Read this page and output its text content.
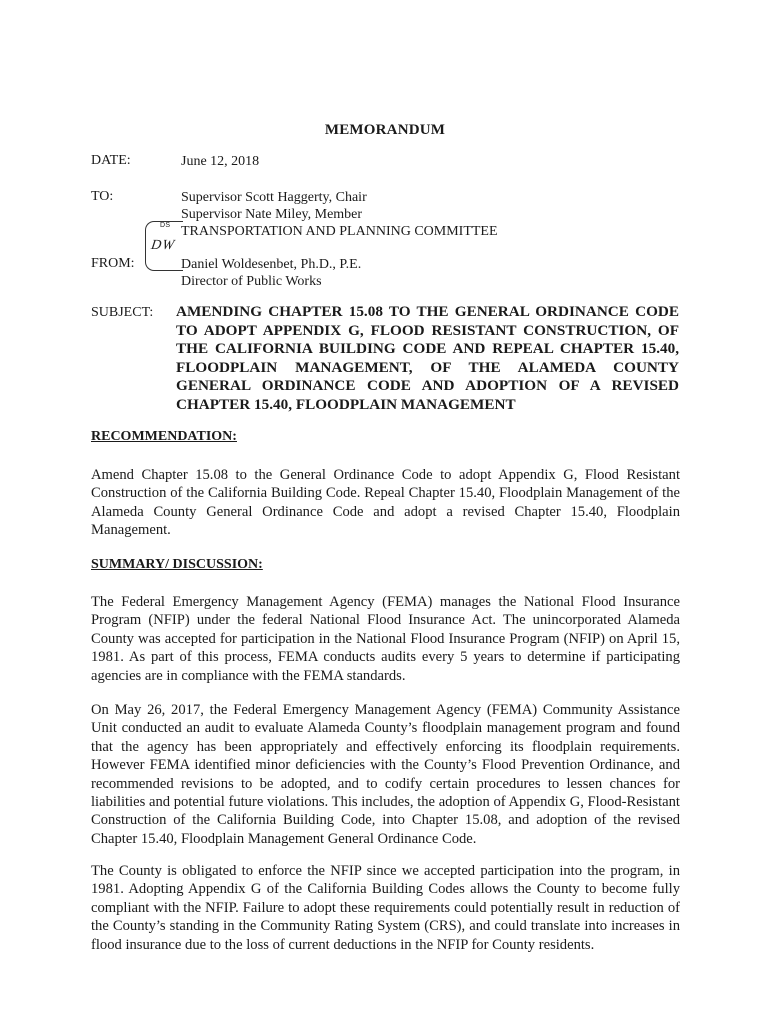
MEMORANDUM
DATE:	June 12, 2018
TO:	Supervisor Scott Haggerty, Chair
Supervisor Nate Miley, Member
TRANSPORTATION AND PLANNING COMMITTEE
DS
DW
FROM:	Daniel Woldesenbet, Ph.D., P.E.
Director of Public Works
SUBJECT: AMENDING CHAPTER 15.08 TO THE GENERAL ORDINANCE CODE TO ADOPT APPENDIX G, FLOOD RESISTANT CONSTRUCTION, OF THE CALIFORNIA BUILDING CODE AND REPEAL CHAPTER 15.40, FLOODPLAIN MANAGEMENT, OF THE ALAMEDA COUNTY GENERAL ORDINANCE CODE AND ADOPTION OF A REVISED CHAPTER 15.40, FLOODPLAIN MANAGEMENT
RECOMMENDATION:
Amend Chapter 15.08 to the General Ordinance Code to adopt Appendix G, Flood Resistant Construction of the California Building Code. Repeal Chapter 15.40, Floodplain Management of the Alameda County General Ordinance Code and adopt a revised Chapter 15.40, Floodplain Management.
SUMMARY/ DISCUSSION:
The Federal Emergency Management Agency (FEMA) manages the National Flood Insurance Program (NFIP) under the federal National Flood Insurance Act. The unincorporated Alameda County was accepted for participation in the National Flood Insurance Program (NFIP) on April 15, 1981. As part of this process, FEMA conducts audits every 5 years to determine if participating agencies are in compliance with the FEMA standards.
On May 26, 2017, the Federal Emergency Management Agency (FEMA) Community Assistance Unit conducted an audit to evaluate Alameda County’s floodplain management program and found that the agency has been appropriately and effectively enforcing its floodplain requirements. However FEMA identified minor deficiencies with the County’s Flood Prevention Ordinance, and recommended revisions to be adopted, and to codify certain procedures to lessen chances for liabilities and potential future violations. This includes, the adoption of Appendix G, Flood-Resistant Construction of the California Building Code, into Chapter 15.08, and adoption of the revised Chapter 15.40, Floodplain Management General Ordinance Code.
The County is obligated to enforce the NFIP since we accepted participation into the program, in 1981. Adopting Appendix G of the California Building Codes allows the County to become fully compliant with the NFIP. Failure to adopt these requirements could potentially result in reduction of the County’s standing in the Community Rating System (CRS), and could translate into increases in flood insurance due to the loss of current deductions in the NFIP for County residents.
